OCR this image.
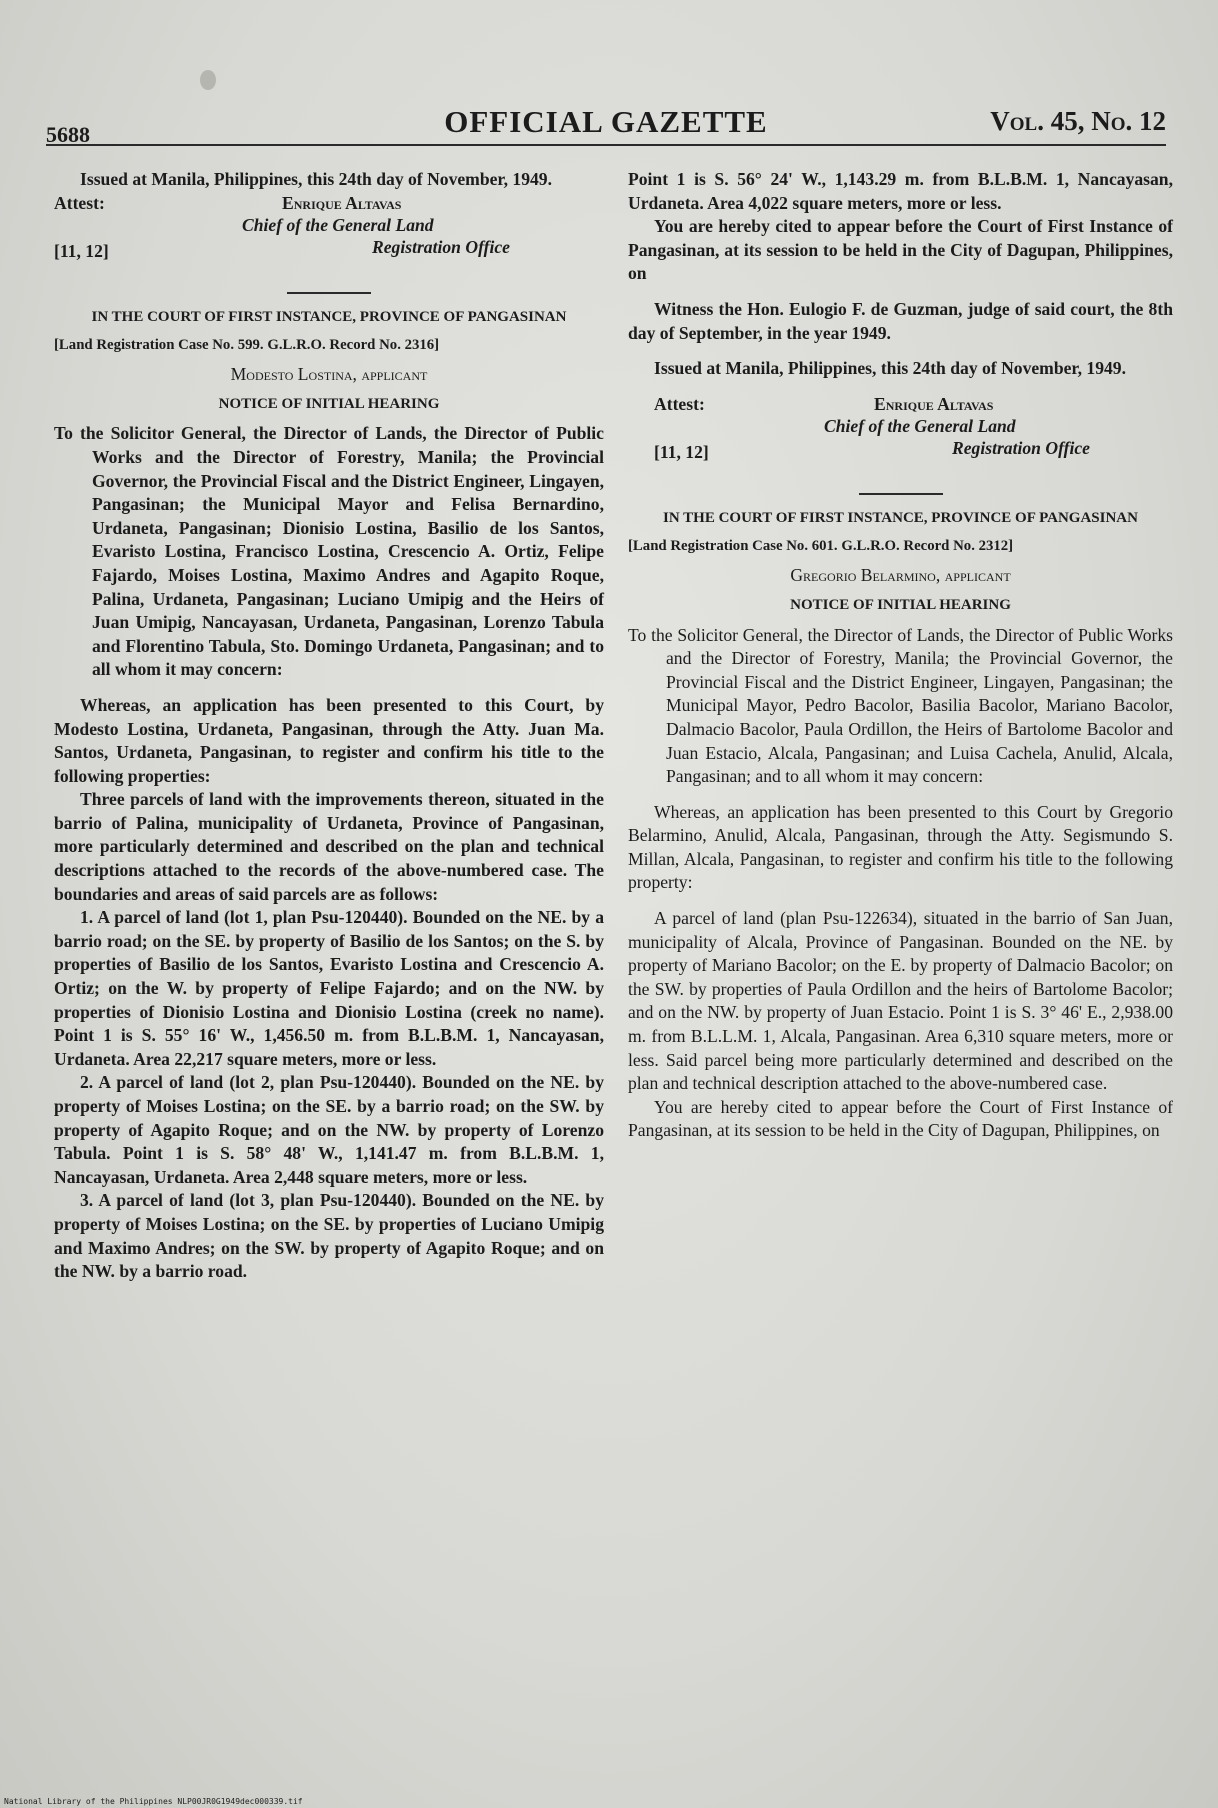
5688	OFFICIAL GAZETTE	Vol. 45, No. 12

Issued at Manila, Philippines, this 24th day of November, 1949.

Attest:	Enrique Altavas
Chief of the General Land
Registration Office
[11, 12]
IN THE COURT OF FIRST INSTANCE, PROVINCE OF PANGASINAN
[Land Registration Case No. 599. G.L.R.O. Record No. 2316]
Modesto Lostina, applicant
NOTICE OF INITIAL HEARING

To the Solicitor General, the Director of Lands, the Director of Public Works and the Director of Forestry, Manila; the Provincial Governor, the Provincial Fiscal and the District Engineer, Lingayen, Pangasinan; the Municipal Mayor and Felisa Bernardino, Urdaneta, Pangasinan; Dionisio Lostina, Basilio de los Santos, Evaristo Lostina, Francisco Lostina, Crescencio A. Ortiz, Felipe Fajardo, Moises Lostina, Maximo Andres and Agapito Roque, Palina, Urdaneta, Pangasinan; Luciano Umipig and the Heirs of Juan Umipig, Nancayasan, Urdaneta, Pangasinan, Lorenzo Tabula and Florentino Tabula, Sto. Domingo Urdaneta, Pangasinan; and to all whom it may concern:

Whereas, an application has been presented to this Court, by Modesto Lostina, Urdaneta, Pangasinan, through the Atty. Juan Ma. Santos, Urdaneta, Pangasinan, to register and confirm his title to the following properties:

Three parcels of land with the improvements thereon, situated in the barrio of Palina, municipality of Urdaneta, Province of Pangasinan, more particularly determined and described on the plan and technical descriptions attached to the records of the above-numbered case. The boundaries and areas of said parcels are as follows:

1. A parcel of land (lot 1, plan Psu-120440). Bounded on the NE. by a barrio road; on the SE. by property of Basilio de los Santos; on the S. by properties of Basilio de los Santos, Evaristo Lostina and Crescencio A. Ortiz; on the W. by property of Felipe Fajardo; and on the NW. by properties of Dionisio Lostina and Dionisio Lostina (creek no name). Point 1 is S. 55° 16' W., 1,456.50 m. from B.L.B.M. 1, Nancayasan, Urdaneta. Area 22,217 square meters, more or less.

2. A parcel of land (lot 2, plan Psu-120440). Bounded on the NE. by property of Moises Lostina; on the SE. by a barrio road; on the SW. by property of Agapito Roque; and on the NW. by property of Lorenzo Tabula. Point 1 is S. 58° 48' W., 1,141.47 m. from B.L.B.M. 1, Nancayasan, Urdaneta. Area 2,448 square meters, more or less.

3. A parcel of land (lot 3, plan Psu-120440). Bounded on the NE. by property of Moises Lostina; on the SE. by properties of Luciano Umipig and Maximo Andres; on the SW. by property of Agapito Roque; and on the NW. by a barrio road.

Point 1 is S. 56° 24' W., 1,143.29 m. from B.L.B.M. 1, Nancayasan, Urdaneta. Area 4,022 square meters, more or less.

You are hereby cited to appear before the Court of First Instance of Pangasinan, at its session to be held in the City of Dagupan, Philippines, on

Witness the Hon. Eulogio F. de Guzman, judge of said court, the 8th day of September, in the year 1949.

Issued at Manila, Philippines, this 24th day of November, 1949.

Attest:	Enrique Altavas
Chief of the General Land
Registration Office
[11, 12]
IN THE COURT OF FIRST INSTANCE, PROVINCE OF PANGASINAN
[Land Registration Case No. 601. G.L.R.O. Record No. 2312]
Gregorio Belarmino, applicant
NOTICE OF INITIAL HEARING

To the Solicitor General, the Director of Lands, the Director of Public Works and the Director of Forestry, Manila; the Provincial Governor, the Provincial Fiscal and the District Engineer, Lingayen, Pangasinan; the Municipal Mayor, Pedro Bacolor, Basilia Bacolor, Mariano Bacolor, Dalmacio Bacolor, Paula Ordillon, the Heirs of Bartolome Bacolor and Juan Estacio, Alcala, Pangasinan; and Luisa Cachela, Anulid, Alcala, Pangasinan; and to all whom it may concern:

Whereas, an application has been presented to this Court by Gregorio Belarmino, Anulid, Alcala, Pangasinan, through the Atty. Segismundo S. Millan, Alcala, Pangasinan, to register and confirm his title to the following property:

A parcel of land (plan Psu-122634), situated in the barrio of San Juan, municipality of Alcala, Province of Pangasinan. Bounded on the NE. by property of Mariano Bacolor; on the E. by property of Dalmacio Bacolor; on the SW. by properties of Paula Ordillon and the heirs of Bartolome Bacolor; and on the NW. by property of Juan Estacio. Point 1 is S. 3° 46' E., 2,938.00 m. from B.L.L.M. 1, Alcala, Pangasinan. Area 6,310 square meters, more or less. Said parcel being more particularly determined and described on the plan and technical description attached to the above-numbered case.

You are hereby cited to appear before the Court of First Instance of Pangasinan, at its session to be held in the City of Dagupan, Philippines, on

National Library of the Philippines NLP00JR0G1949dec000339.tif
